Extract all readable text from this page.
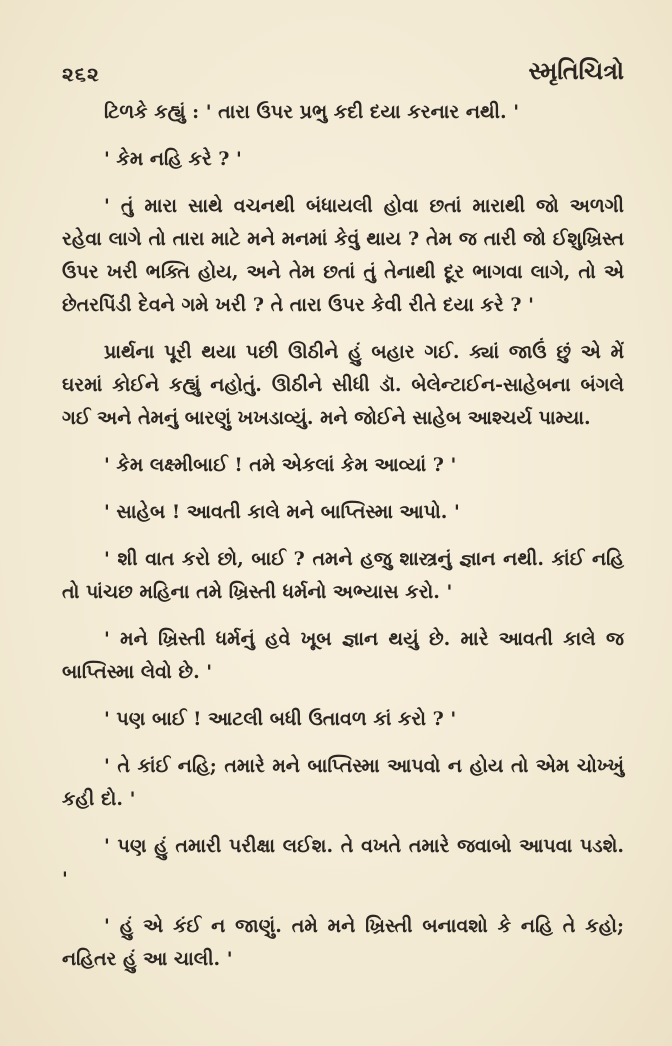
૨૬૨	સ્મૃતિચિત્રો

ટિળકે કહ્યું : ' તારા ઉપર પ્રભુ કદી દયા કરનાર નથી. '

' કેમ નહિ કરે ? '

' તું મારા સાથે વચનથી બંધાયલી હોવા છતાં મારાથી જો અળગી રહેવા લાગે તો તારા માટે મને મનમાં કેવું થાય ? તેમ જ તારી જો ઈશુખ્રિસ્ત ઉપર ખરી ભક્તિ હોય, અને તેમ છતાં તું તેનાથી દૂર ભાગવા લાગે, તો એ છેતરપિંડી દેવને ગમે ખરી ? તે તારા ઉપર કેવી રીતે દયા કરે ? '

પ્રાર્થના પૂરી થયા પછી ઊઠીને હું બહાર ગઈ. ક્યાં જાઉં છું એ મેં ઘરમાં કોઈને કહ્યું નહોતું. ઊઠીને સીધી ડૉ. બેલેન્ટાઈન-સાહેબના બંગલે ગઈ અને તેમનું બારણું ખખડાવ્યું. મને જોઈને સાહેબ આશ્ચર્ય પામ્યા.

' કેમ લક્ષ્મીબાઈ ! તમે એકલાં કેમ આવ્યાં ? '

' સાહેબ ! આવતી કાલે મને બાપ્તિસ્મા આપો. '

' શી વાત કરો છો, બાઈ ? તમને હજુ શાસ્ત્રનું જ્ઞાન નથી. કાંઈ નહિ તો પાંચછ મહિના તમે ખ્રિસ્તી ધર્મનો અભ્યાસ કરો. '

' મને ખ્રિસ્તી ધર્મનું હવે ખૂબ જ્ઞાન થયું છે. મારે આવતી કાલે જ બાપ્તિસ્મા લેવો છે. '

' પણ બાઈ ! આટલી બધી ઉતાવળ કાં કરો ? '

' તે કાંઈ નહિ; તમારે મને બાપ્તિસ્મા આપવો ન હોય તો એમ ચોખ્ખું કહી દો. '

' પણ હું તમારી પરીક્ષા લઈશ. તે વખતે તમારે જવાબો આપવા પડશે. '

' હું એ કંઈ ન જાણું. તમે મને ખ્રિસ્તી બનાવશો કે નહિ તે કહો; નહિતર હું આ ચાલી. '
